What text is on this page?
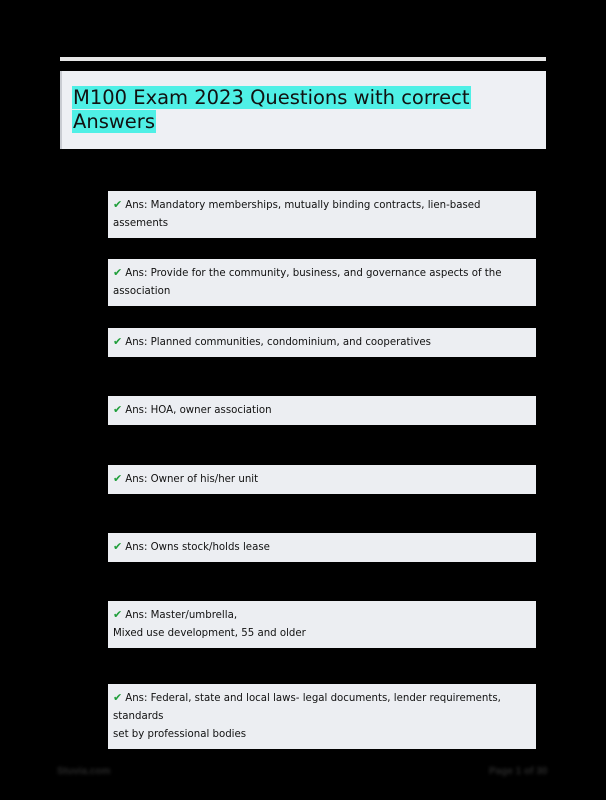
M100 Exam 2023 Questions with correct Answers
✔ Ans: Mandatory memberships, mutually binding contracts, lien-based assements
✔ Ans: Provide for the community, business, and governance aspects of the association
✔ Ans: Planned communities, condominium, and cooperatives
✔ Ans: HOA, owner association
✔ Ans: Owner of his/her unit
✔ Ans: Owns stock/holds lease
✔ Ans: Master/umbrella,
Mixed use development, 55 and older
✔ Ans: Federal, state and local laws- legal documents, lender requirements, standards
set by professional bodies
Stuvia.com	Page 1 of 30
